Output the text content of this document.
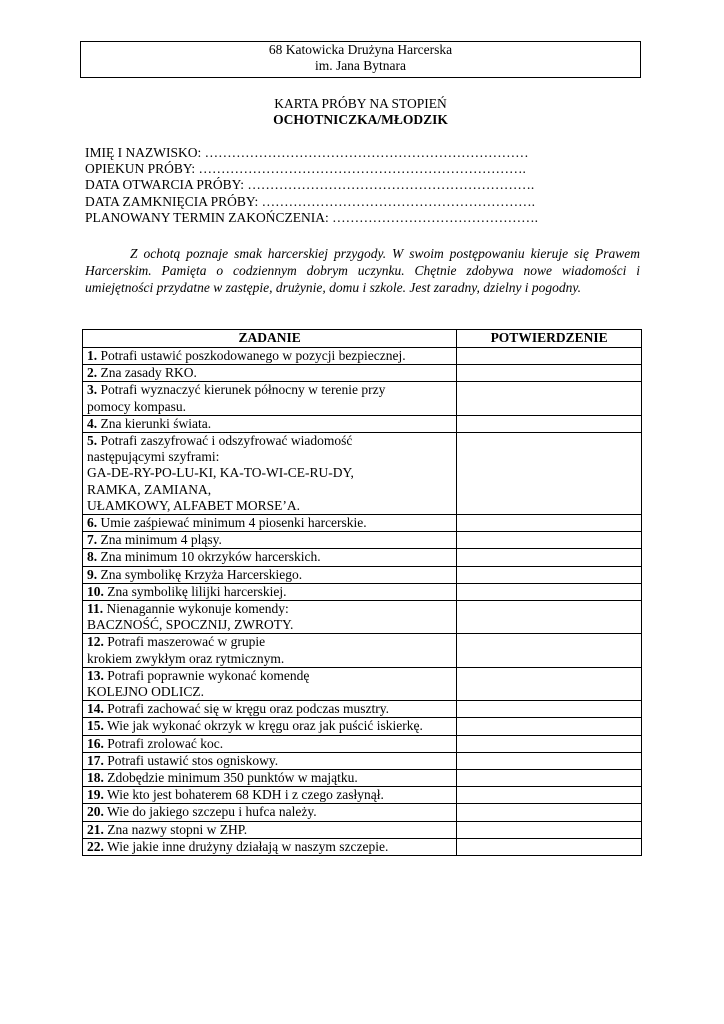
68 Katowicka Drużyna Harcerska
im. Jana Bytnara
KARTA PRÓBY NA STOPIEŃ
OCHOTNICZKA/MŁODZIK
IMIĘ I NAZWISKO: ………………………………………………………………
OPIEKUN PRÓBY: ……………………………………………………………….
DATA OTWARCIA PRÓBY: ……………………………………………………….
DATA ZAMKNIĘCIA PRÓBY: …………………………………………………….
PLANOWANY TERMIN ZAKOŃCZENIA: ……………………………………….
Z ochotą poznaje smak harcerskiej przygody. W swoim postępowaniu kieruje się Prawem Harcerskim. Pamięta o codziennym dobrym uczynku. Chętnie zdobywa nowe wiadomości i umiejętności przydatne w zastępie, drużynie, domu i szkole. Jest zaradny, dzielny i pogodny.
ZADANIE	POTWIERDZENIE

1. Potrafi ustawić poszkodowanego w pozycji bezpiecznej.	

2. Zna zasady RKO.	

3. Potrafi wyznaczyć kierunek północny w terenie przy
pomocy kompasu.	

4. Zna kierunki świata.	

5. Potrafi zaszyfrować i odszyfrować wiadomość
następującymi szyframi:
GA-DE-RY-PO-LU-KI, KA-TO-WI-CE-RU-DY,
RAMKA, ZAMIANA,
UŁAMKOWY, ALFABET MORSE’A.	

6. Umie zaśpiewać minimum 4 piosenki harcerskie.	

7. Zna minimum 4 pląsy.	

8. Zna minimum 10 okrzyków harcerskich.	

9. Zna symbolikę Krzyża Harcerskiego.	

10. Zna symbolikę lilijki harcerskiej.	

11. Nienagannie wykonuje komendy:
BACZNOŚĆ, SPOCZNIJ, ZWROTY.	

12. Potrafi maszerować w grupie
krokiem zwykłym oraz rytmicznym.	

13. Potrafi poprawnie wykonać komendę
KOLEJNO ODLICZ.	

14. Potrafi zachować się w kręgu oraz podczas musztry.	

15. Wie jak wykonać okrzyk w kręgu oraz jak puścić iskierkę.	

16. Potrafi zrolować koc.	

17. Potrafi ustawić stos ogniskowy.	

18. Zdobędzie minimum 350 punktów w majątku.	

19. Wie kto jest bohaterem 68 KDH i z czego zasłynął.	

20. Wie do jakiego szczepu i hufca należy.	

21. Zna nazwy stopni w ZHP.	

22. Wie jakie inne drużyny działają w naszym szczepie.	
